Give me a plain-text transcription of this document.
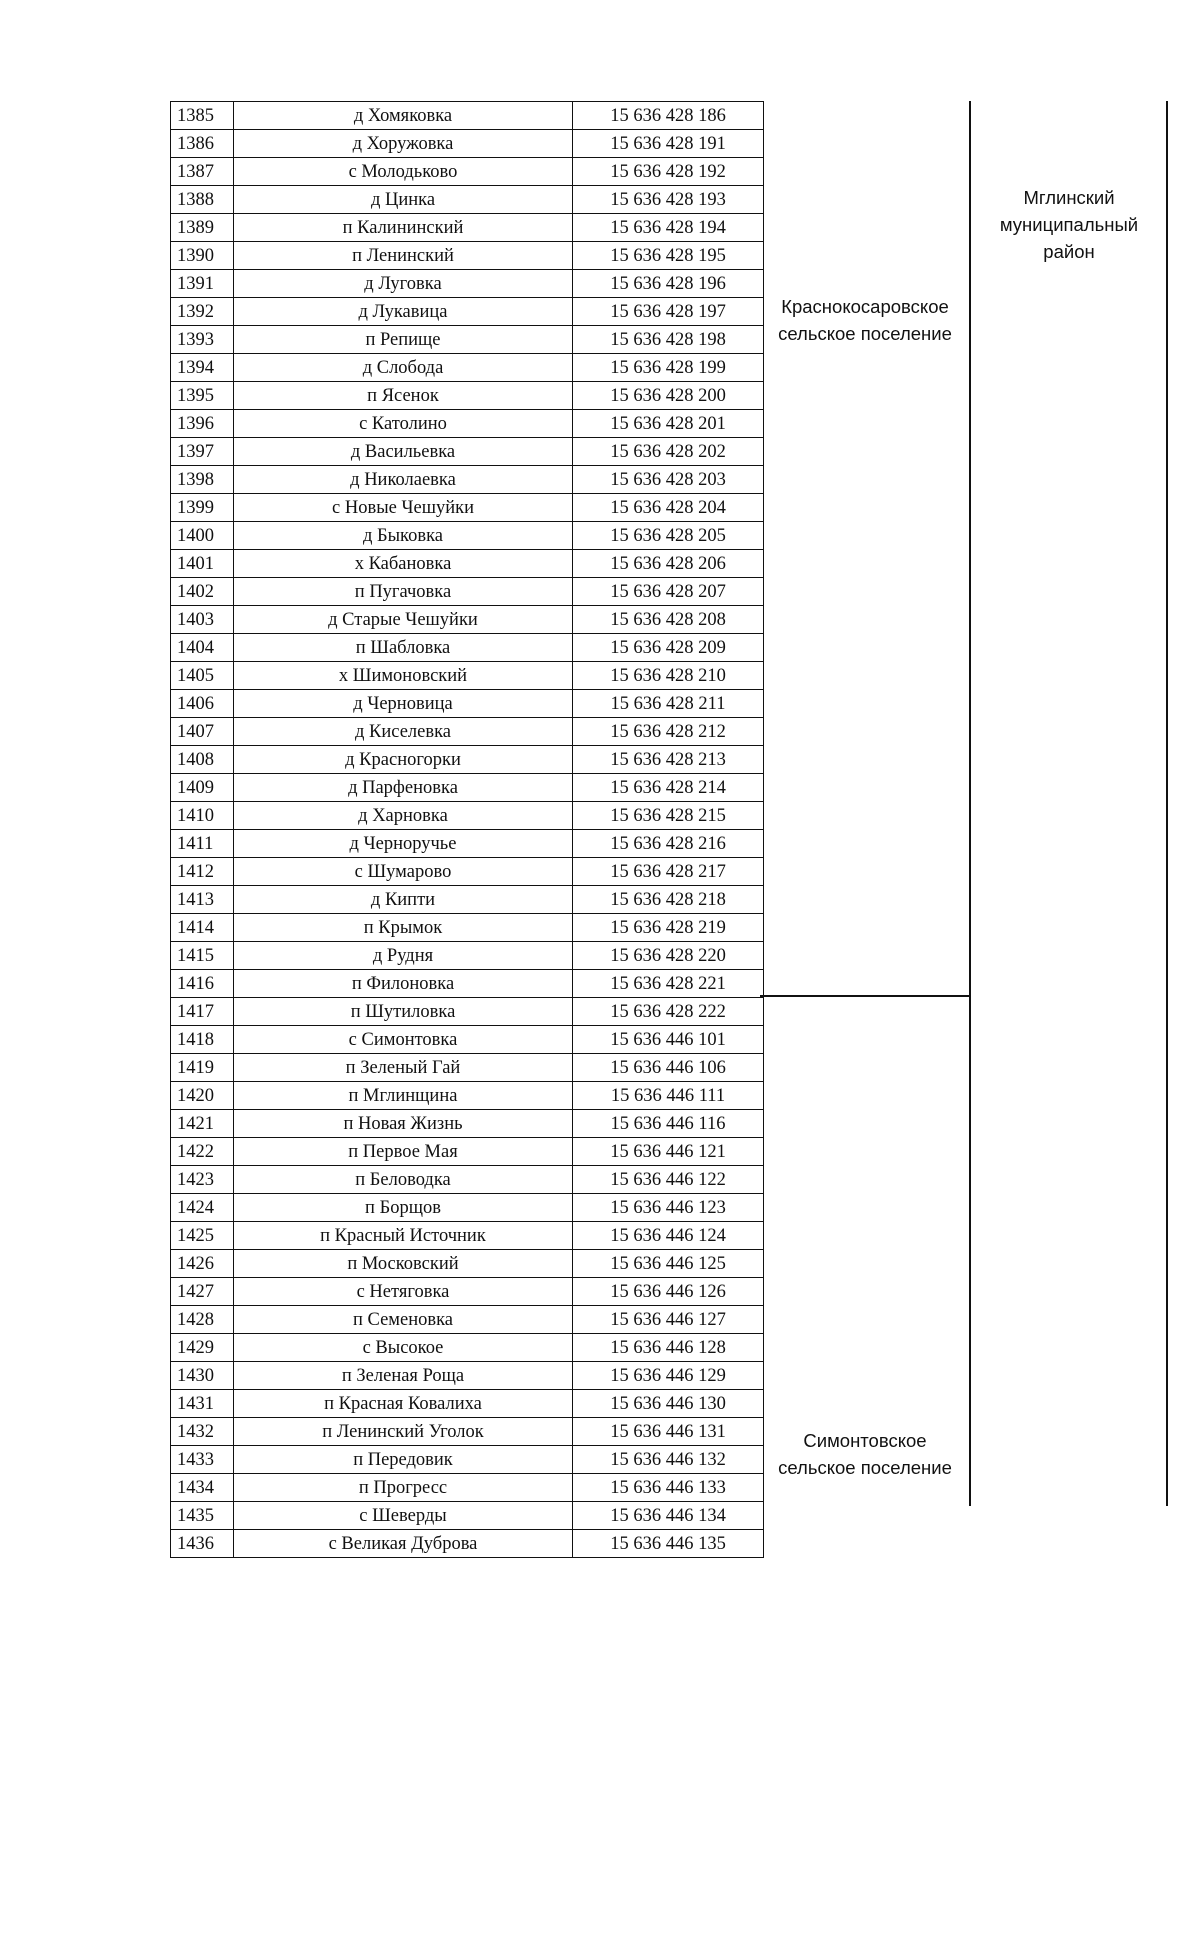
1385	д Хомяковка	15 636 428 186
1386	д Хоружовка	15 636 428 191
1387	с Молодьково	15 636 428 192
1388	д Цинка	15 636 428 193
1389	п Калининский	15 636 428 194
1390	п Ленинский	15 636 428 195
1391	д Луговка	15 636 428 196
1392	д Лукавица	15 636 428 197
1393	п Репище	15 636 428 198
1394	д Слобода	15 636 428 199
1395	п Ясенок	15 636 428 200
1396	с Католино	15 636 428 201
1397	д Васильевка	15 636 428 202
1398	д Николаевка	15 636 428 203
1399	с Новые Чешуйки	15 636 428 204
1400	д Быковка	15 636 428 205
1401	х Кабановка	15 636 428 206
1402	п Пугачовка	15 636 428 207
1403	д Старые Чешуйки	15 636 428 208
1404	п Шабловка	15 636 428 209
1405	х Шимоновский	15 636 428 210
1406	д Черновица	15 636 428 211
1407	д Киселевка	15 636 428 212
1408	д Красногорки	15 636 428 213
1409	д Парфеновка	15 636 428 214
1410	д Харновка	15 636 428 215
1411	д Черноручье	15 636 428 216
1412	с Шумарово	15 636 428 217
1413	д Кипти	15 636 428 218
1414	п Крымок	15 636 428 219
1415	д Рудня	15 636 428 220
1416	п Филоновка	15 636 428 221
1417	п Шутиловка	15 636 428 222
1418	с Симонтовка	15 636 446 101
1419	п Зеленый Гай	15 636 446 106
1420	п Мглинщина	15 636 446 111
1421	п Новая Жизнь	15 636 446 116
1422	п Первое Мая	15 636 446 121
1423	п Беловодка	15 636 446 122
1424	п Борщов	15 636 446 123
1425	п Красный Источник	15 636 446 124
1426	п Московский	15 636 446 125
1427	с Нетяговка	15 636 446 126
1428	п Семеновка	15 636 446 127
1429	с Высокое	15 636 446 128
1430	п Зеленая Роща	15 636 446 129
1431	п Красная Ковалиха	15 636 446 130
1432	п Ленинский Уголок	15 636 446 131
1433	п Передовик	15 636 446 132
1434	п Прогресс	15 636 446 133
1435	с Шеверды	15 636 446 134
1436	с Великая Дуброва	15 636 446 135
Мглинский
муниципальный
район
Краснокосаровское
сельское поселение
Симонтовское
сельское поселение
